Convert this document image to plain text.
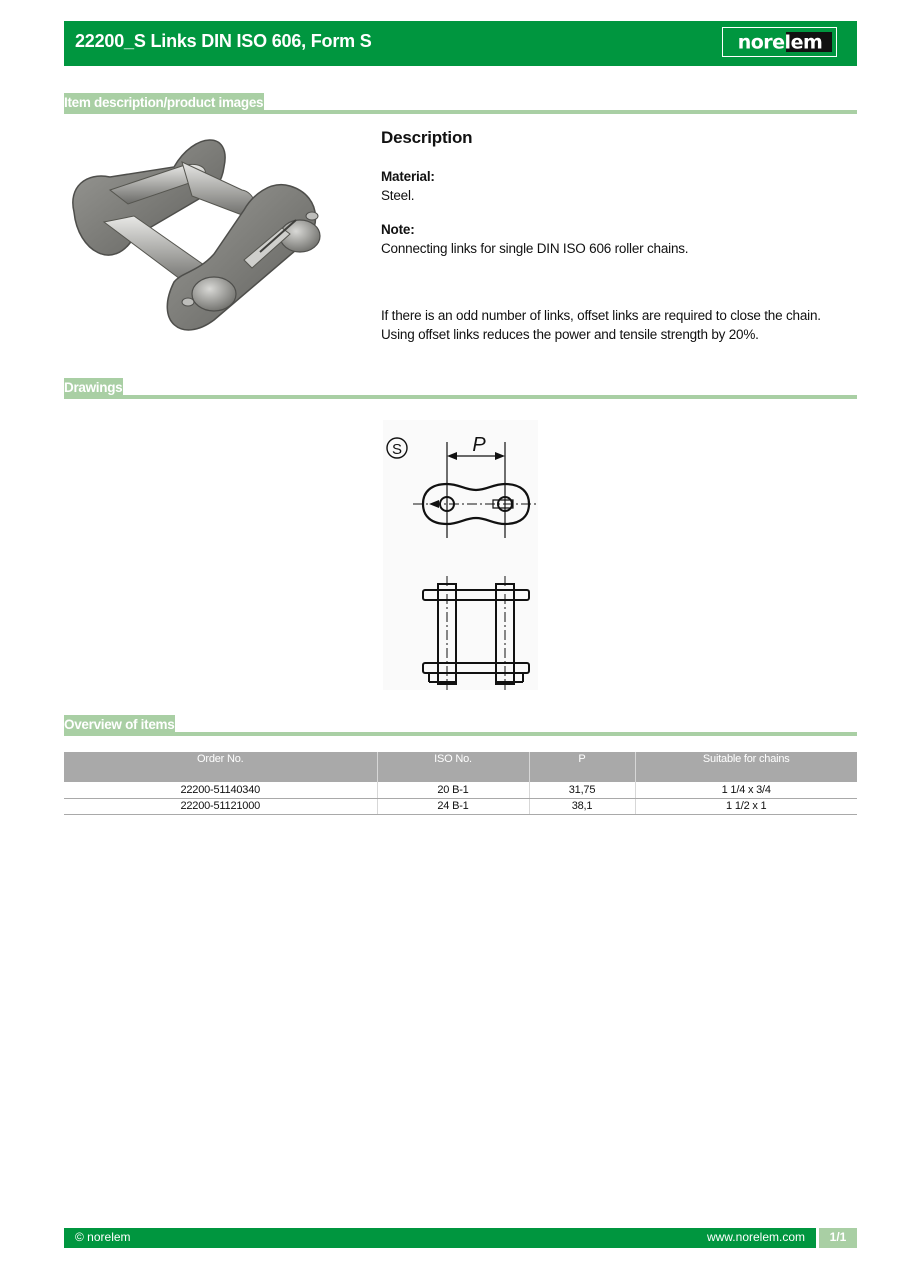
22200_S Links DIN ISO 606, Form S	norelem
Item description/product images
Description
Material:
Steel.
Note:
Connecting links for single DIN ISO 606 roller chains.
If there is an odd number of links, offset links are required to close the chain. Using offset links reduces the power and tensile strength by 20%.
Drawings
S	P
Overview of items
Order No.	ISO No.	P	Suitable for chains
22200-51140340	20 B-1	31,75	1 1/4 x 3/4
22200-51121000	24 B-1	38,1	1 1/2 x 1
© norelem	www.norelem.com	1/1
